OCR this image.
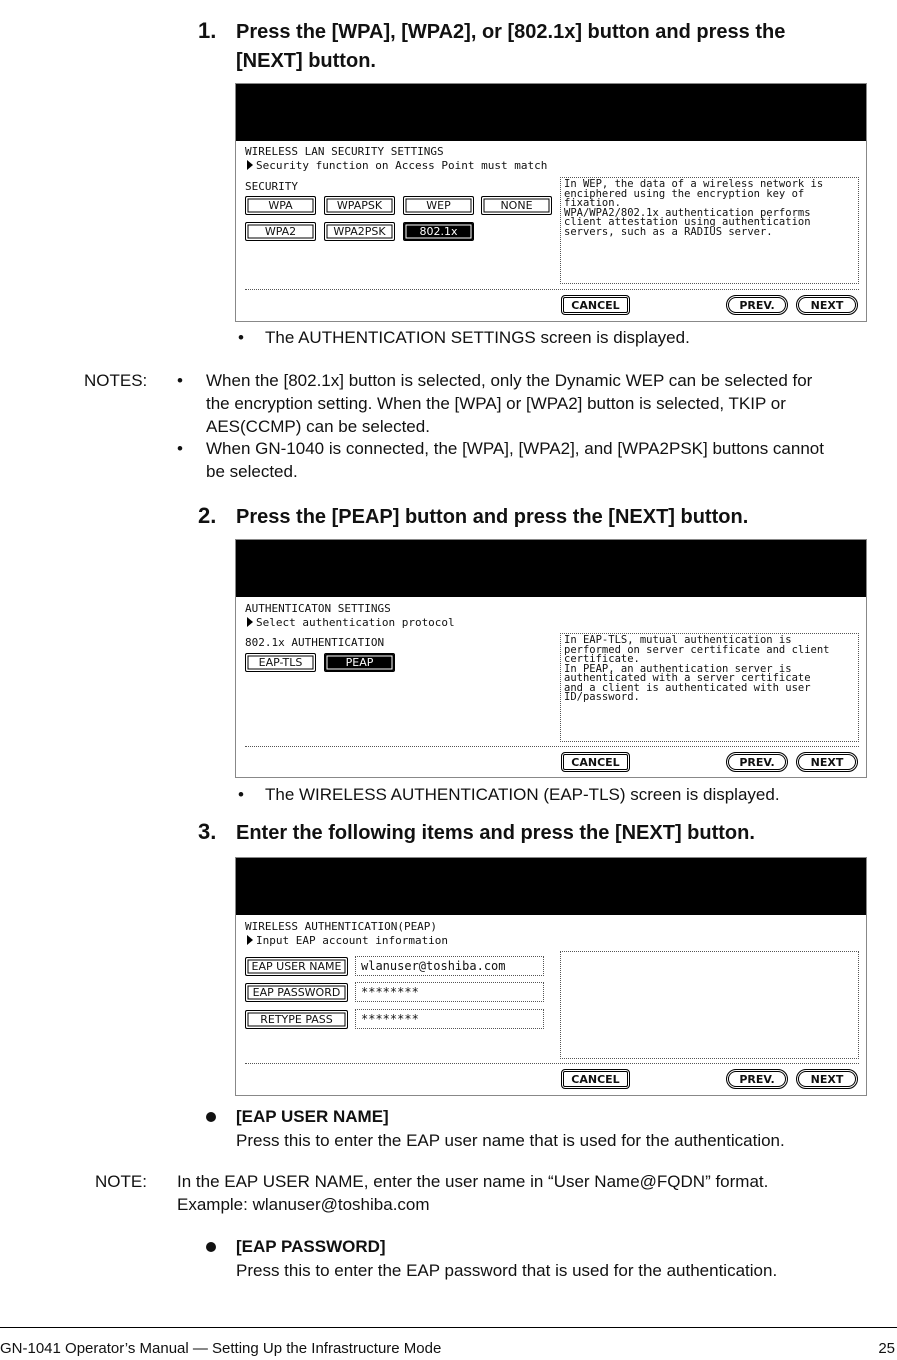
1. Press the [WPA], [WPA2], or [802.1x] button and press the
[NEXT] button.
WIRELESS LAN SECURITY SETTINGS
Security function on Access Point must match
SECURITY
WPA	WPAPSK	WEP	NONE
WPA2	WPA2PSK	802.1x
In WEP, the data of a wireless network is
enciphered using the encryption key of
fixation.
WPA/WPA2/802.1x authentication performs
client attestation using authentication
servers, such as a RADIUS server.
CANCEL	PREV.	NEXT
• The AUTHENTICATION SETTINGS screen is displayed.
NOTES: • When the [802.1x] button is selected, only the Dynamic WEP can be selected for
the encryption setting. When the [WPA] or [WPA2] button is selected, TKIP or
AES(CCMP) can be selected.
• When GN-1040 is connected, the [WPA], [WPA2], and [WPA2PSK] buttons cannot
be selected.
2. Press the [PEAP] button and press the [NEXT] button.
AUTHENTICATON SETTINGS
Select authentication protocol
802.1x AUTHENTICATION
EAP-TLS	PEAP
In EAP-TLS, mutual authentication is
performed on server certificate and client
certificate.
In PEAP, an authentication server is
authenticated with a server certificate
and a client is authenticated with user
ID/password.
CANCEL	PREV.	NEXT
• The WIRELESS AUTHENTICATION (EAP-TLS) screen is displayed.
3. Enter the following items and press the [NEXT] button.
WIRELESS AUTHENTICATION(PEAP)
Input EAP account information
EAP USER NAME	wlanuser@toshiba.com
EAP PASSWORD	********
RETYPE PASS	********
CANCEL	PREV.	NEXT
[EAP USER NAME]
Press this to enter the EAP user name that is used for the authentication.
NOTE: In the EAP USER NAME, enter the user name in “User Name@FQDN” format.
Example: wlanuser@toshiba.com
[EAP PASSWORD]
Press this to enter the EAP password that is used for the authentication.
GN-1041 Operator’s Manual — Setting Up the Infrastructure Mode	25
